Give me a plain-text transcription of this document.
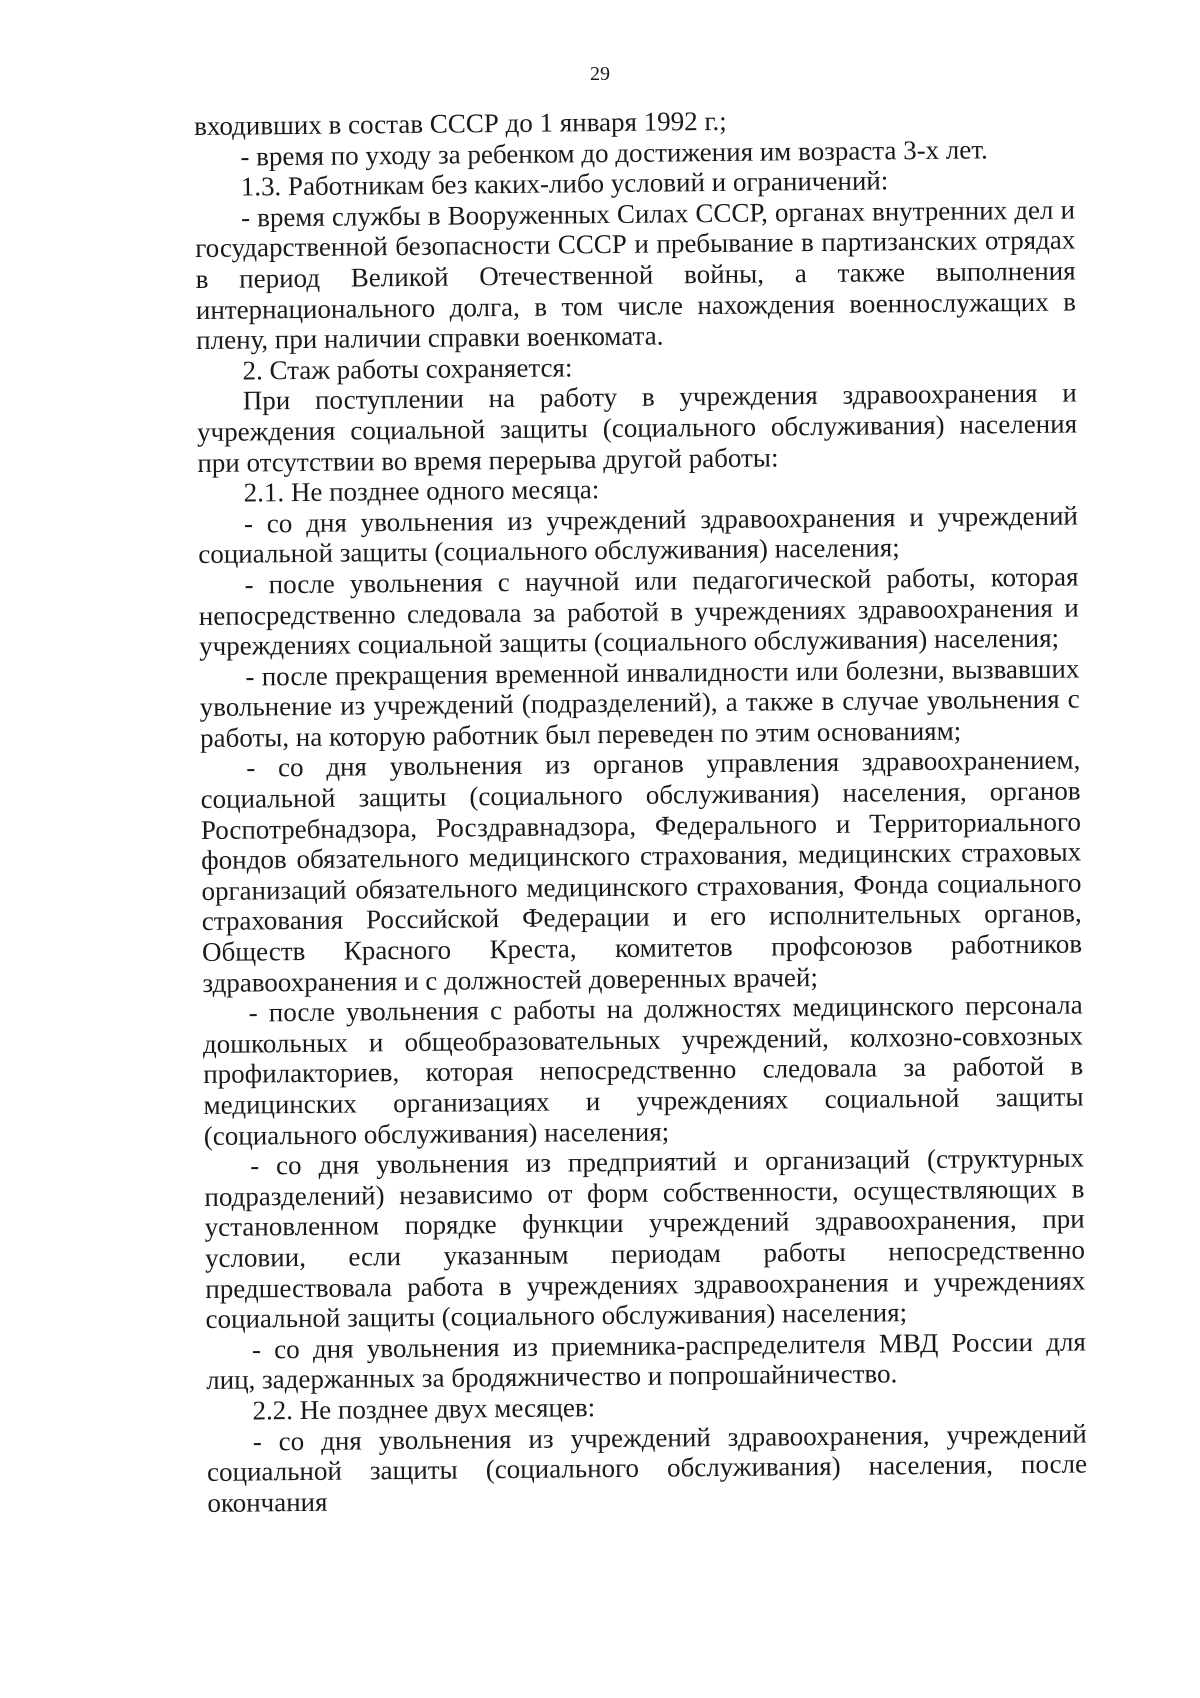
29

входивших в состав СССР до 1 января 1992 г.;

- время по уходу за ребенком до достижения им возраста 3-х лет.

1.3. Работникам без каких-либо условий и ограничений:

- время службы в Вооруженных Силах СССР, органах внутренних дел и государственной безопасности СССР и пребывание в партизанских отрядах в период Великой Отечественной войны, а также выполнения интернационального долга, в том числе нахождения военнослужащих в плену, при наличии справки военкомата.

2. Стаж работы сохраняется:

При поступлении на работу в учреждения здравоохранения и учреждения социальной защиты (социального обслуживания) населения при отсутствии во время перерыва другой работы:

2.1. Не позднее одного месяца:

- со дня увольнения из учреждений здравоохранения и учреждений социальной защиты (социального обслуживания) населения;

- после увольнения с научной или педагогической работы, которая непосредственно следовала за работой в учреждениях здравоохранения и учреждениях социальной защиты (социального обслуживания) населения;

- после прекращения временной инвалидности или болезни, вызвавших увольнение из учреждений (подразделений), а также в случае увольнения с работы, на которую работник был переведен по этим основаниям;

- со дня увольнения из органов управления здравоохранением, социальной защиты (социального обслуживания) населения, органов Роспотребнадзора, Росздравнадзора, Федерального и Территориального фондов обязательного медицинского страхования, медицинских страховых организаций обязательного медицинского страхования, Фонда социального страхования Российской Федерации и его исполнительных органов, Обществ Красного Креста, комитетов профсоюзов работников здравоохранения и с должностей доверенных врачей;

- после увольнения с работы на должностях медицинского персонала дошкольных и общеобразовательных учреждений, колхозно-совхозных профилакториев, которая непосредственно следовала за работой в медицинских организациях и учреждениях социальной защиты (социального обслуживания) населения;

- со дня увольнения из предприятий и организаций (структурных подразделений) независимо от форм собственности, осуществляющих в установленном порядке функции учреждений здравоохранения, при условии, если указанным периодам работы непосредственно предшествовала работа в учреждениях здравоохранения и учреждениях социальной защиты (социального обслуживания) населения;

- со дня увольнения из приемника-распределителя МВД России для лиц, задержанных за бродяжничество и попрошайничество.

2.2. Не позднее двух месяцев:

- со дня увольнения из учреждений здравоохранения, учреждений социальной защиты (социального обслуживания) населения, после окончания
